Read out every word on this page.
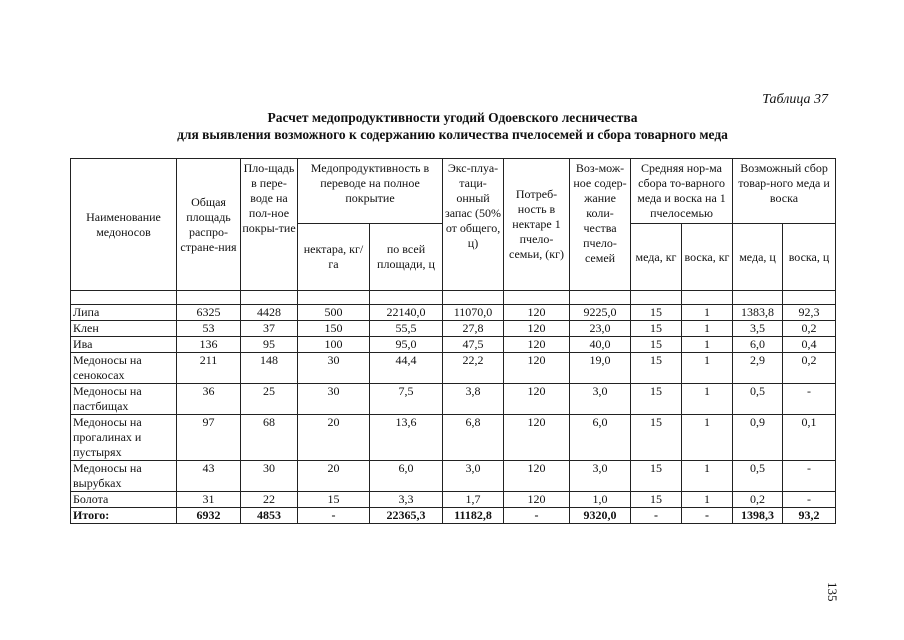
Таблица 37
Расчет медопродуктивности угодий Одоевского лесничества
для выявления возможного к содержанию количества пчелосемей и сбора товарного меда
Наименование медоносов	Общая площадь распро-стране-ния	Пло-щадь в пере-воде на пол-ное покры-тие	Медопродуктивность в переводе на полное покрытие		Экс-плуа-таци-онный запас (50% от общего, ц)	Потреб-ность в нектаре 1 пчело-семьи, (кг)	Воз-мож-ное содер-жание коли-чества пчело-семей	Средняя нор-ма сбора то-варного меда и воска на 1 пчелосемью		Возможный сбор товар-ного меда и воска	
			нектара, кг/га	по всей площади, ц				меда, кг	воска, кг	меда, ц	воска, ц

Липа	6325	4428	500	22140,0	11070,0	120	9225,0	15	1	1383,8	92,3
Клен	53	37	150	55,5	27,8	120	23,0	15	1	3,5	0,2
Ива	136	95	100	95,0	47,5	120	40,0	15	1	6,0	0,4
Медоносы на сенокосах	211	148	30	44,4	22,2	120	19,0	15	1	2,9	0,2
Медоносы на пастбищах	36	25	30	7,5	3,8	120	3,0	15	1	0,5	-
Медоносы на прогалинах и пустырях	97	68	20	13,6	6,8	120	6,0	15	1	0,9	0,1
Медоносы на вырубках	43	30	20	6,0	3,0	120	3,0	15	1	0,5	-
Болота	31	22	15	3,3	1,7	120	1,0	15	1	0,2	-
Итого:	6932	4853	-	22365,3	11182,8	-	9320,0	-	-	1398,3	93,2
135
